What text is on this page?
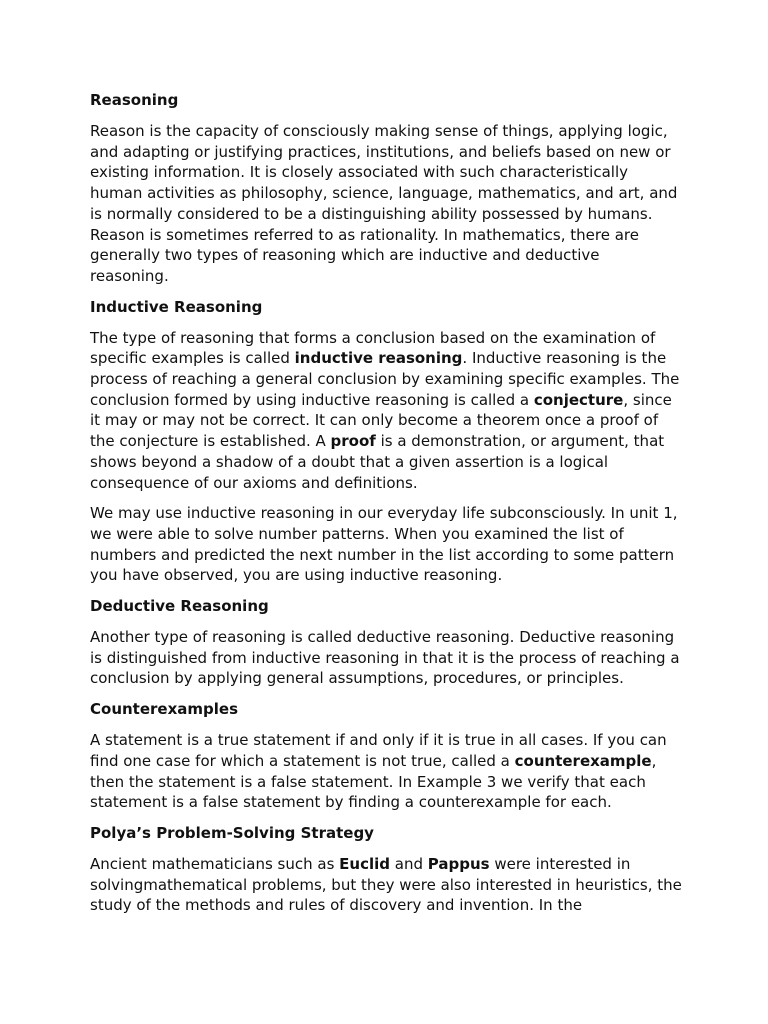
Reasoning

Reason is the capacity of consciously making sense of things, applying logic, and adapting or justifying practices, institutions, and beliefs based on new or existing information. It is closely associated with such characteristically human activities as philosophy, science, language, mathematics, and art, and is normally considered to be a distinguishing ability possessed by humans. Reason is sometimes referred to as rationality. In mathematics, there are generally two types of reasoning which are inductive and deductive reasoning.

Inductive Reasoning

The type of reasoning that forms a conclusion based on the examination of specific examples is called inductive reasoning. Inductive reasoning is the process of reaching a general conclusion by examining specific examples. The conclusion formed by using inductive reasoning is called a conjecture, since it may or may not be correct. It can only become a theorem once a proof of the conjecture is established. A proof is a demonstration, or argument, that shows beyond a shadow of a doubt that a given assertion is a logical consequence of our axioms and definitions.

We may use inductive reasoning in our everyday life subconsciously. In unit 1, we were able to solve number patterns. When you examined the list of numbers and predicted the next number in the list according to some pattern you have observed, you are using inductive reasoning.

Deductive Reasoning

Another type of reasoning is called deductive reasoning. Deductive reasoning is distinguished from inductive reasoning in that it is the process of reaching a conclusion by applying general assumptions, procedures, or principles.

Counterexamples

A statement is a true statement if and only if it is true in all cases. If you can find one case for which a statement is not true, called a counterexample, then the statement is a false statement. In Example 3 we verify that each statement is a false statement by finding a counterexample for each.

Polya’s Problem-Solving Strategy

Ancient mathematicians such as Euclid and Pappus were interested in solvingmathematical problems, but they were also interested in heuristics, the study of the methods and rules of discovery and invention. In the
